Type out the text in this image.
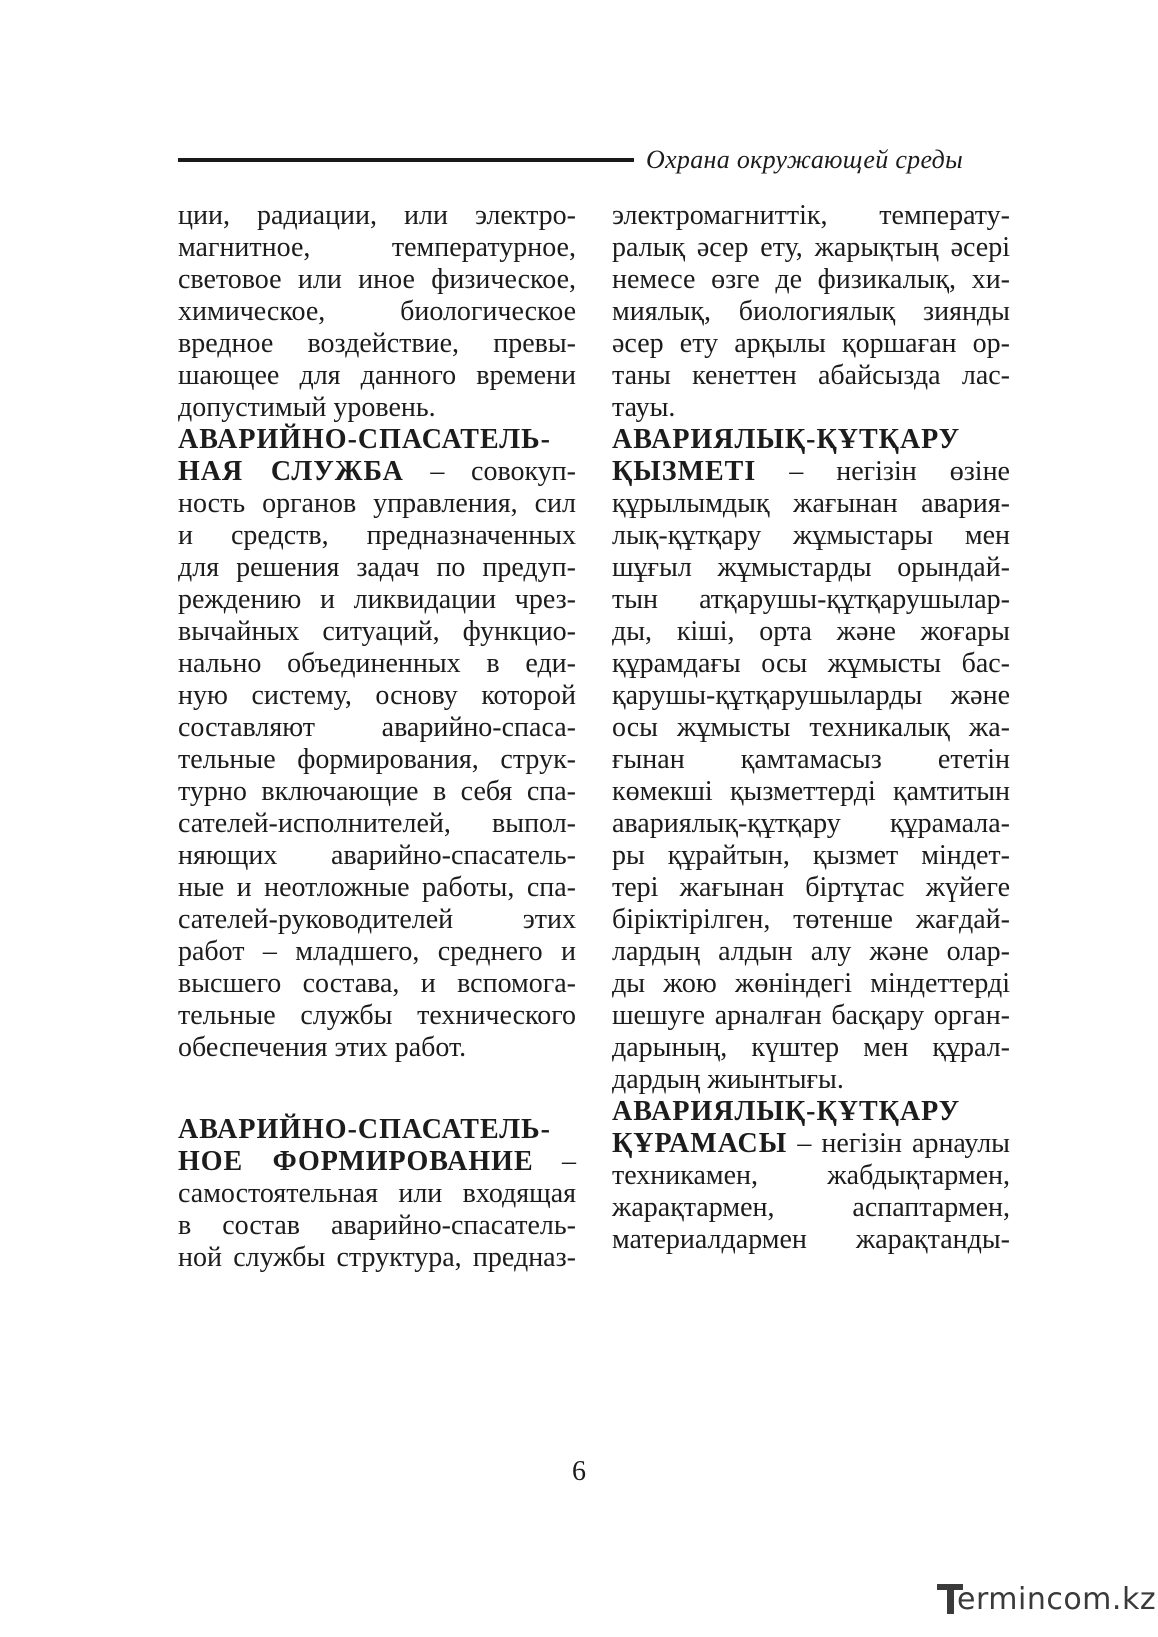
Охрана окружающей среды
ции, радиации, или электро-
магнитное, температурное,
световое или иное физическое,
химическое, биологическое
вредное воздействие, превы-
шающее для данного времени
допустимый уровень.
АВАРИЙНО-СПАСАТЕЛЬ-
НАЯ СЛУЖБА – совокуп-
ность органов управления, сил
и средств, предназначенных
для решения задач по предуп-
реждению и ликвидации чрез-
вычайных ситуаций, функцио-
нально объединенных в еди-
ную систему, основу которой
составляют аварийно-спаса-
тельные формирования, струк-
турно включающие в себя спа-
сателей-исполнителей, выпол-
няющих аварийно-спасатель-
ные и неотложные работы, спа-
сателей-руководителей этих
работ – младшего, среднего и
высшего состава, и вспомога-
тельные службы технического
обеспечения этих работ.
АВАРИЙНО-СПАСАТЕЛЬ-
НОЕ ФОРМИРОВАНИЕ –
самостоятельная или входящая
в состав аварийно-спасатель-
ной службы структура, предназ-
электромагниттік, температу-
ралық әсер ету, жарықтың әсері
немесе өзге де физикалық, хи-
миялық, биологиялық зиянды
әсер ету арқылы қоршаған ор-
таны кенеттен абайсызда лас-
тауы.
АВАРИЯЛЫҚ-ҚҰТҚАРУ
ҚЫЗМЕТІ – негізін өзіне
құрылымдық жағынан авария-
лық-құтқару жұмыстары мен
шұғыл жұмыстарды орындай-
тын атқарушы-құтқарушылар-
ды, кіші, орта және жоғары
құрамдағы осы жұмысты бас-
қарушы-құтқарушыларды және
осы жұмысты техникалық жа-
ғынан қамтамасыз ететін
көмекші қызметтерді қамтитын
авариялық-құтқару құрамала-
ры құрайтын, қызмет міндет-
тері жағынан біртұтас жүйеге
біріктірілген, төтенше жағдай-
лардың алдын алу және олар-
ды жою жөніндегі міндеттерді
шешуге арналған басқару орган-
дарының, күштер мен құрал-
дардың жиынтығы.
АВАРИЯЛЫҚ-ҚҰТҚАРУ
ҚҰРАМАСЫ – негізін арнаулы
техникамен, жабдықтармен,
жарақтармен, аспаптармен,
материалдармен жарақтанды-
6
ermincom.kz
